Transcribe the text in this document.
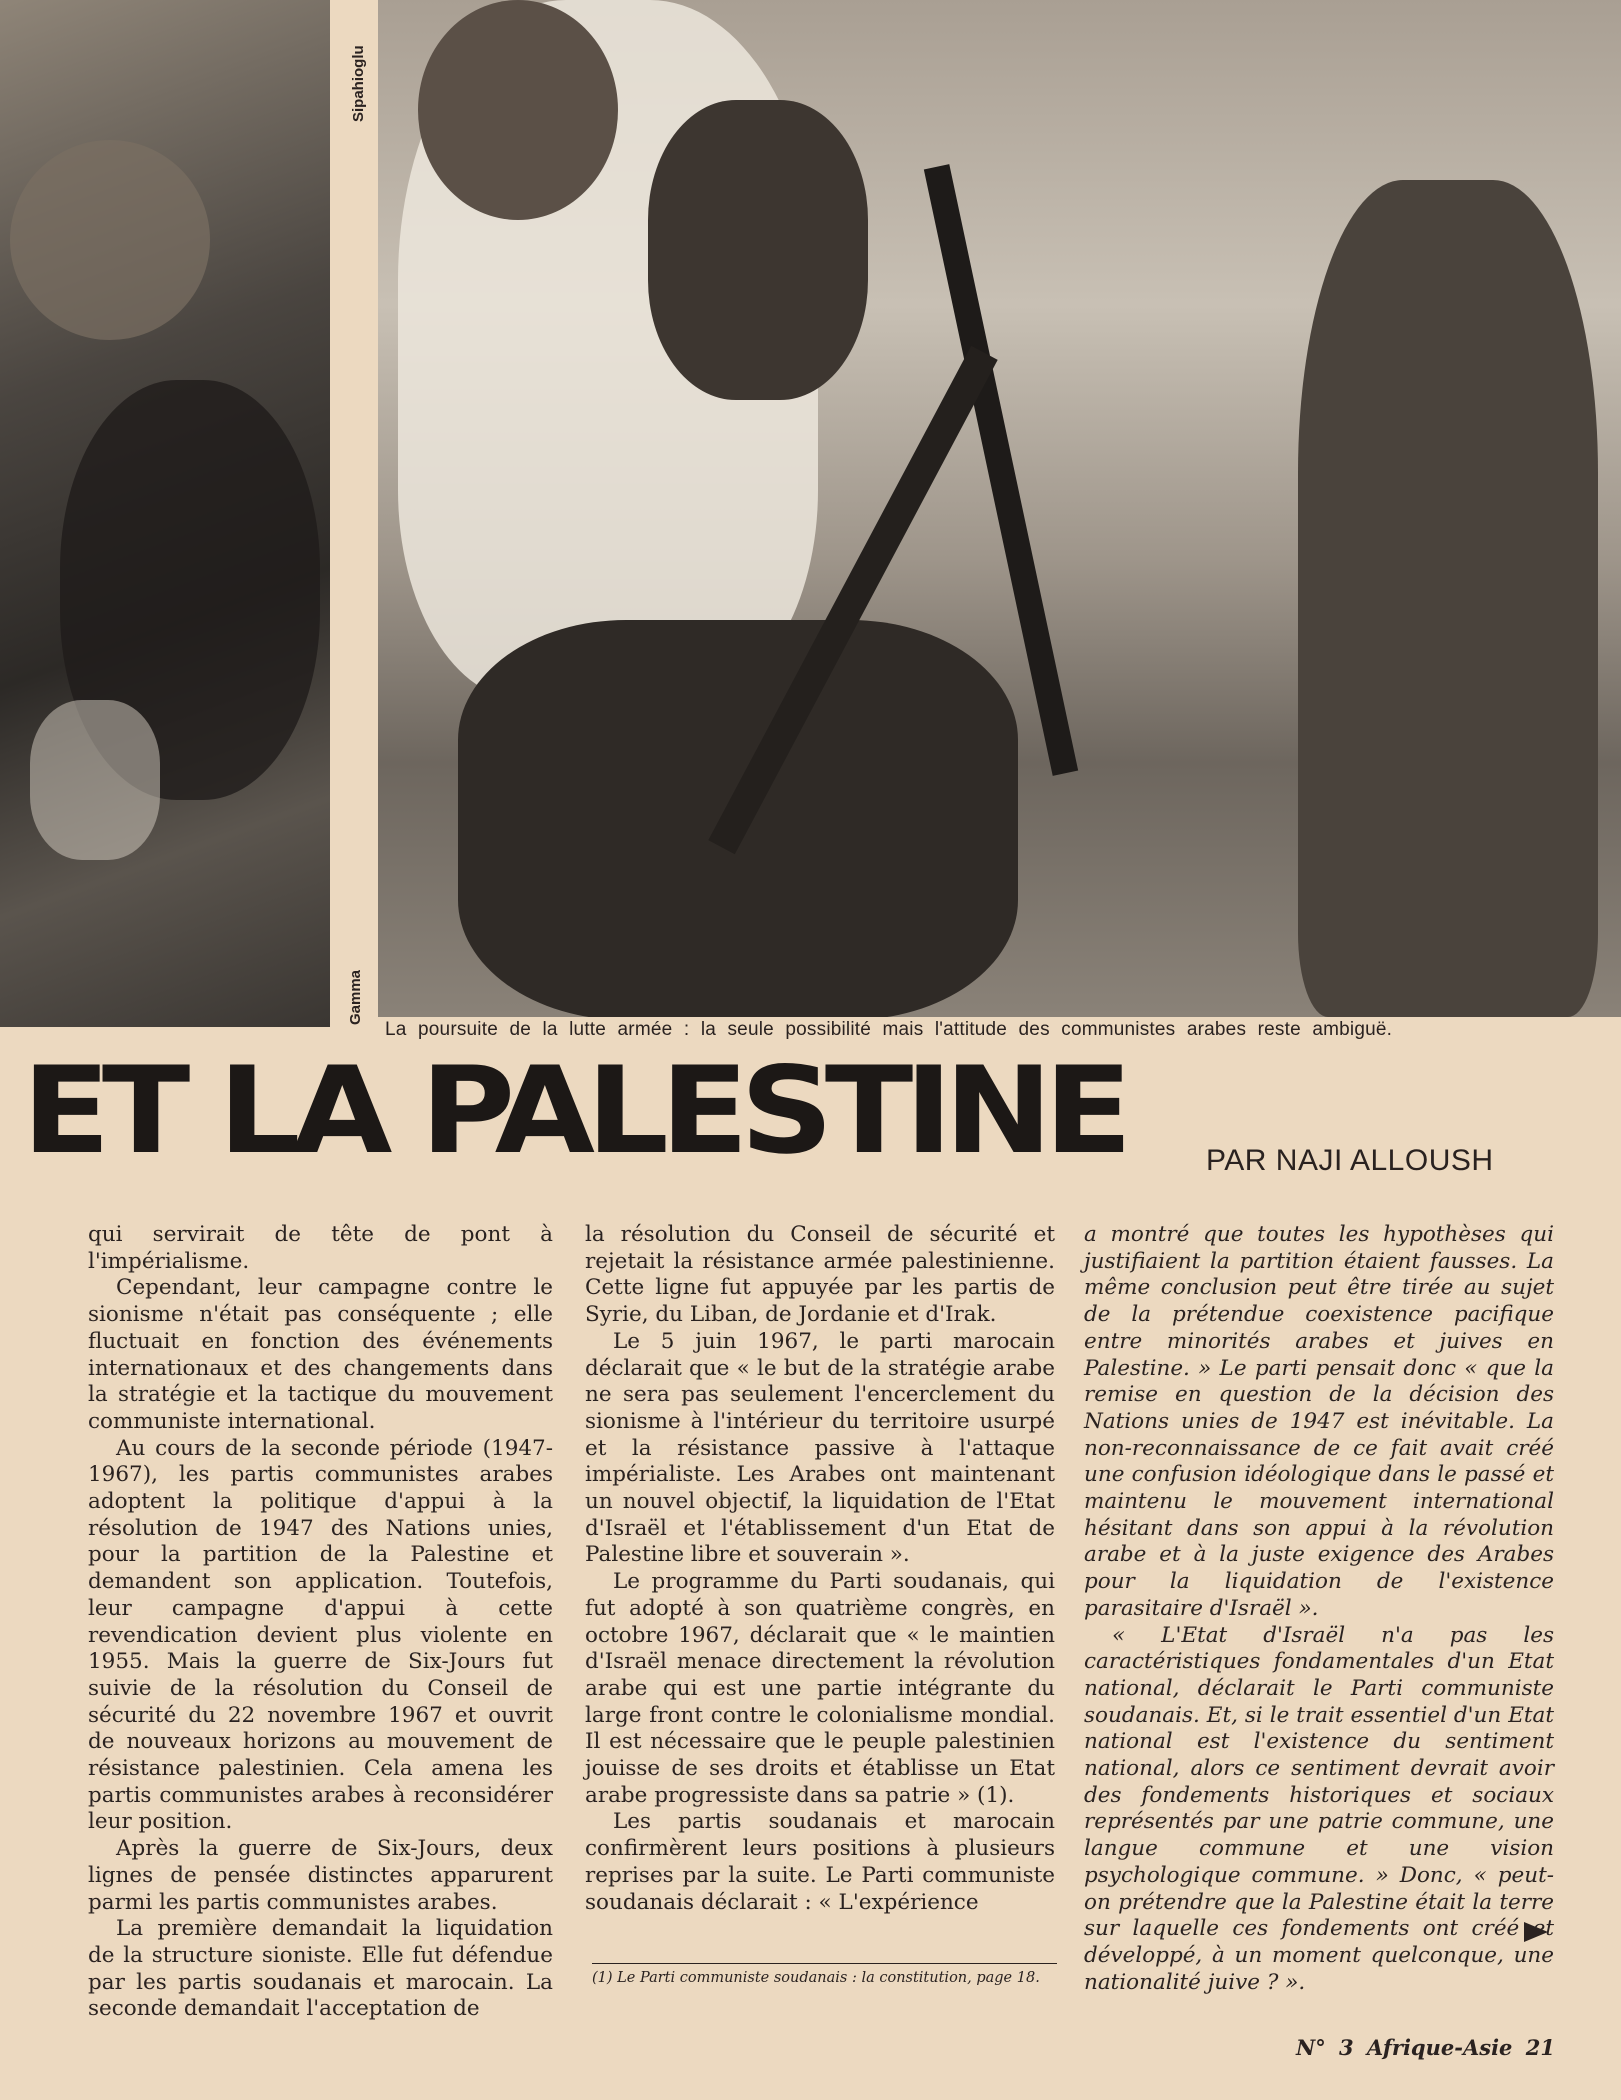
Sipahioglu
Gamma
La poursuite de la lutte armée : la seule possibilité mais l'attitude des communistes arabes reste ambiguë.
ET LA PALESTINE	PAR NAJI ALLOUSH

qui servirait de tête de pont à l'impérialisme.

Cependant, leur campagne contre le sionisme n'était pas conséquente ; elle fluctuait en fonction des événements internationaux et des changements dans la stratégie et la tactique du mouvement communiste international.

Au cours de la seconde période (1947-1967), les partis communistes arabes adoptent la politique d'appui à la résolution de 1947 des Nations unies, pour la partition de la Palestine et demandent son application. Toutefois, leur campagne d'appui à cette revendication devient plus violente en 1955. Mais la guerre de Six-Jours fut suivie de la résolution du Conseil de sécurité du 22 novembre 1967 et ouvrit de nouveaux horizons au mouvement de résistance palestinien. Cela amena les partis communistes arabes à reconsidérer leur position.

Après la guerre de Six-Jours, deux lignes de pensée distinctes apparurent parmi les partis communistes arabes.

La première demandait la liquidation de la structure sioniste. Elle fut défendue par les partis soudanais et marocain. La seconde demandait l'acceptation de

la résolution du Conseil de sécurité et rejetait la résistance armée palestinienne. Cette ligne fut appuyée par les partis de Syrie, du Liban, de Jordanie et d'Irak.

Le 5 juin 1967, le parti marocain déclarait que « le but de la stratégie arabe ne sera pas seulement l'encerclement du sionisme à l'intérieur du territoire usurpé et la résistance passive à l'attaque impérialiste. Les Arabes ont maintenant un nouvel objectif, la liquidation de l'Etat d'Israël et l'établissement d'un Etat de Palestine libre et souverain ».

Le programme du Parti soudanais, qui fut adopté à son quatrième congrès, en octobre 1967, déclarait que « le maintien d'Israël menace directement la révolution arabe qui est une partie intégrante du large front contre le colonialisme mondial. Il est nécessaire que le peuple palestinien jouisse de ses droits et établisse un Etat arabe progressiste dans sa patrie » (1).

Les partis soudanais et marocain confirmèrent leurs positions à plusieurs reprises par la suite. Le Parti communiste soudanais déclarait : « L'expérience

(1) Le Parti communiste soudanais : la constitution, page 18.

a montré que toutes les hypothèses qui justifiaient la partition étaient fausses. La même conclusion peut être tirée au sujet de la prétendue coexistence pacifique entre minorités arabes et juives en Palestine. » Le parti pensait donc « que la remise en question de la décision des Nations unies de 1947 est inévitable. La non-reconnaissance de ce fait avait créé une confusion idéologique dans le passé et maintenu le mouvement international hésitant dans son appui à la révolution arabe et à la juste exigence des Arabes pour la liquidation de l'existence parasitaire d'Israël ».

« L'Etat d'Israël n'a pas les caractéristiques fondamentales d'un Etat national, déclarait le Parti communiste soudanais. Et, si le trait essentiel d'un Etat national est l'existence du sentiment national, alors ce sentiment devrait avoir des fondements historiques et sociaux représentés par une patrie commune, une langue commune et une vision psychologique commune. » Donc, « peut-on prétendre que la Palestine était la terre sur laquelle ces fondements ont créé et développé, à un moment quelconque, une nationalité juive ? ».

N° 3 Afrique-Asie 21
